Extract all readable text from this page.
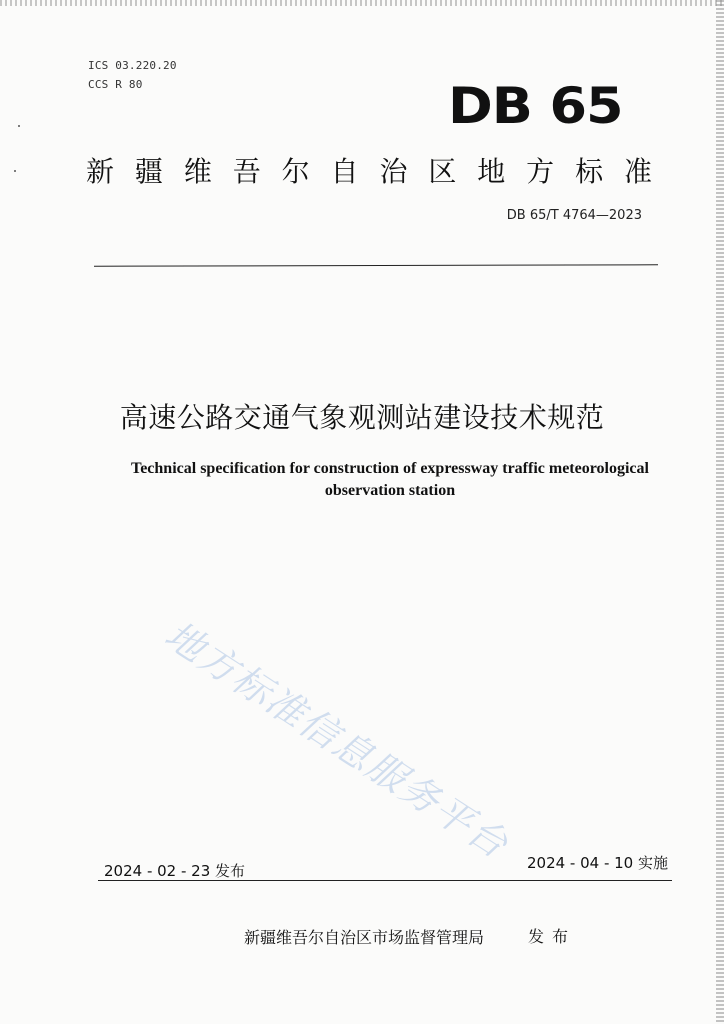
ICS 03.220.20
CCS R 80	DB 65
新 疆 维 吾 尔 自 治 区 地 方 标 准
DB 65/T 4764—2023
高速公路交通气象观测站建设技术规范
Technical specification for construction of expressway traffic meteorological
observation station
地方标准信息服务平台
2024 - 02 - 23 发布	2024 - 04 - 10 实施
新疆维吾尔自治区市场监督管理局	发布
